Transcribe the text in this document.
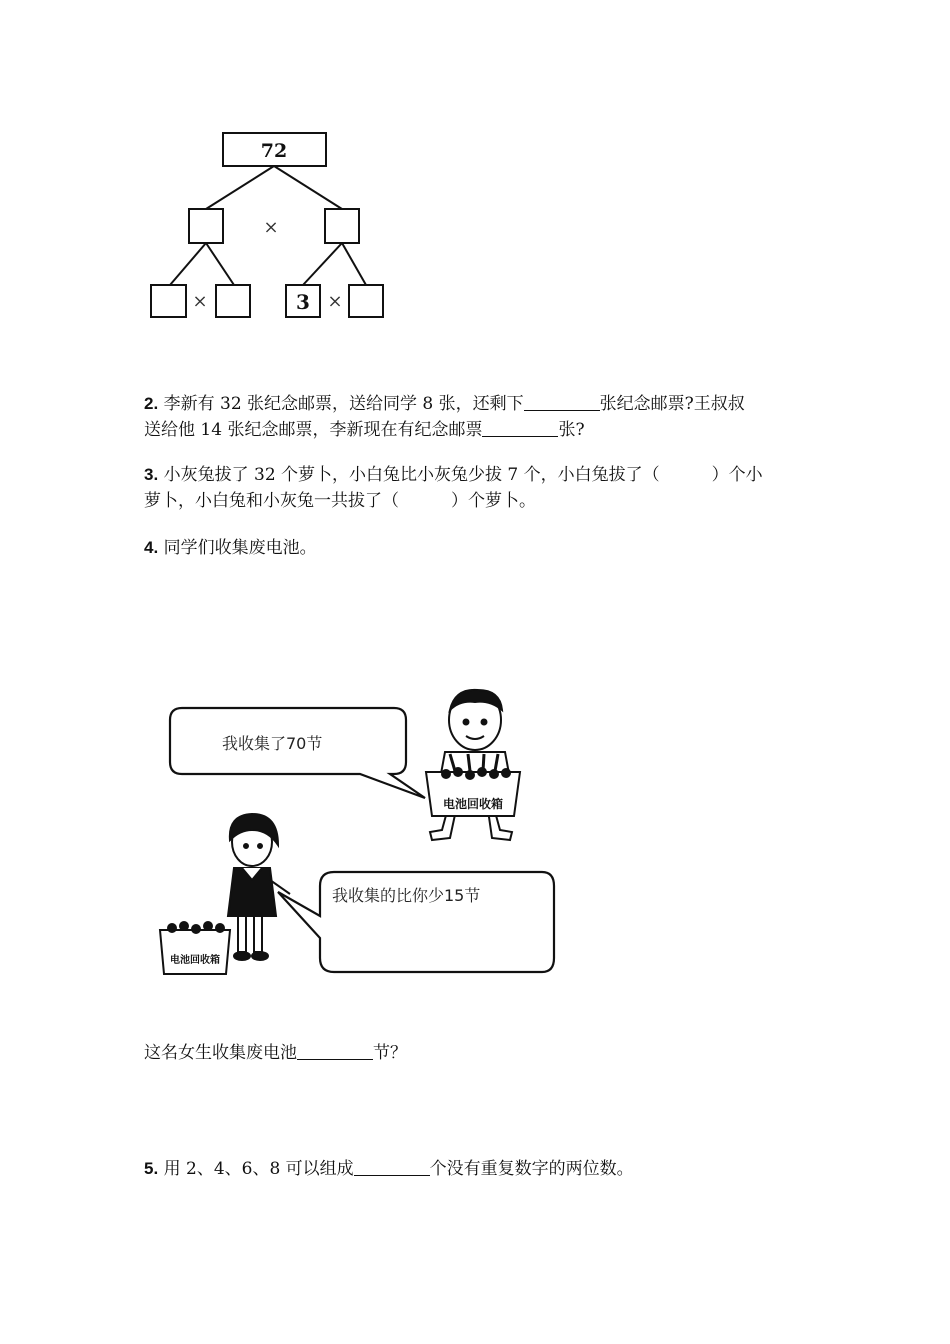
72
×
×	×
3
2. 李新有 32 张纪念邮票，送给同学 8 张，还剩下	张纪念邮票?王叔叔
送给他 14 张纪念邮票，李新现在有纪念邮票	张?
3. 小灰兔拔了 32 个萝卜，小白兔比小灰兔少拔 7 个，小白兔拔了（	）个小
萝卜，小白兔和小灰兔一共拔了（	）个萝卜。
4. 同学们收集废电池。
我收集了70节
电池回收箱
电池回收箱
我收集的比你少15节
这名女生收集废电池	节？
5. 用 2、4、6、8 可以组成	个没有重复数字的两位数。
